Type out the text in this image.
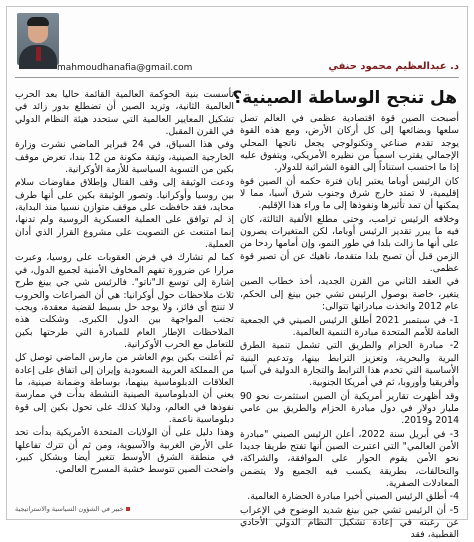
mahmoudhanafia@gmail.com	د. عبدالعظيم محمود حنفي
هل تنجح الوساطة الصينية؟

أصبحت الصين قوة اقتصادية عظمى في العالم تصل سلعها وبضائعها إلى كل أركان الأرض، ومع هذه القوة يوجد تقدم صناعي وتكنولوجي يجعل ناتجها المحلي الإجمالي يقترب اسمياً من نظيره الأمريكي، ويتفوق عليه إذا ما احتسب استناداً إلى القوة الشرائية للدولار.

كان الرئيس أوباما يعتبر إبان فترة حكمه أن الصين قوة إقليمية، لا تمتد خارج شرق وجنوب شرق آسيا، مما لا يمكنها أن تمد تأثيرها ونفوذها إلى ما وراء هذا الإقليم.

وخلافه الرئيس ترامب، وحتى مطلع الألفية الثالثة، كان فيه ما يبرر تقدير الرئيس أوباما، لكن المتغيرات يصرون على أنها ما زالت بلدا في طور النمو، وإن أمامها ردحا من الزمن قبل أن تصبح بلدا متقدما، ناهيك عن أن تصير قوة عظمى.

في العقد الثاني من القرن الجديد، أخذ خطاب الصين يتغير، خاصة بوصول الرئيس تشي جين بينغ إلى الحكم، عام 2012 واتخذت مبادراتها تتوالى:

1- في سبتمبر 2021 أطلق الرئيس الصيني في الجمعية العامة للأمم المتحدة مبادرة التنمية العالمية.

2- مبادرة الحزام والطريق التي تشمل تنمية الطرق البرية والبحرية، وتعزيز الترابط بينها، وتدعيم البنية الأساسية التي تخدم هذا الترابط والتجارة الدولية في آسيا وأفريقيا وأوروبا، ثم في أمريكا الجنوبية.

وقد أظهرت تقارير أمريكية أن الصين استثمرت نحو 90 مليار دولار في دول مبادرة الحزام والطريق بين عامي 2014 و2019.

3- في أبريل سنة 2022، أعلن الرئيس الصيني "مبادرة الأمن العالمي" التي اعتبرت الصين أنها تفتح طريقا جديدا نحو الأمن يقوم الحوار على الموافقة، والشراكة، والتحالفات، بطريقة يكسب فيه الجميع ولا يتضمن المعادلات الصفرية.

4- أطلق الرئيس الصيني أخيرا مبادرة الحضارة العالمية.

5- أن الرئيس تشي جين بينغ شديد الوضوح في الإعراب عن رغبته في إعادة تشكيل النظام الدولي الأحادي القطبية، فقد

تأسست بنية الحوكمة العالمية القائمة حاليا بعد الحرب العالمية الثانية، وتريد الصين أن تضطلع بدور زائد في تشكيل المعايير العالمية التي ستحدد هيئة النظام الدولي في القرن المقبل.

وفي هذا السياق، في 24 فبراير الماضي نشرت وزارة الخارجية الصينية، وثيقة مكونة من 12 بندا، تعرض موقف بكين من التسوية السياسية للأزمة الأوكرانية.

ودعت الوثيقة إلى وقف القتال وإطلاق مفاوضات سلام بين روسيا وأوكرانيا. وتصور الوثيقة بكين على أنها طرف محايد، فقد حافظت على موقف متوازن نسبيا منذ البداية، إذ لم توافق على العملية العسكرية الروسية ولم تدنها، إنما امتنعت عن التصويت على مشروع القرار الذي أدان العملية.

كما لم تشارك في فرض العقوبات على روسيا، وعبرت مرارا عن ضرورة تفهم المخاوف الأمنية لجميع الدول، في إشارة إلى توسع الـ"ناتو". فالرئيس شي جي بينغ طرح ثلاث ملاحظات حول أوكرانيا: هي أن الصراعات والحروب لا تنتج أي فائز، ولا يوجد حل بسيط لقضية معقدة، ويجب تجنب المواجهة بين الدول الكبرى. وشكلت هذه الملاحظات الإطار العام للمبادرة التي طرحتها بكين للتعامل مع الحرب الأوكرانية.

ثم أعلنت بكين يوم العاشر من مارس الماضي توصل كل من المملكة العربية السعودية وإيران إلى اتفاق على إعادة العلاقات الدبلوماسية بينهما، بوساطة وضمانة صينية، ما يعني أن الدبلوماسية الصينية النشطة بدأت في ممارسة نفوذها في العالم، ودليلا كذلك على تحول بكين إلى قوة دبلوماسية ناعمة.

وهذا دليل على أن الولايات المتحدة الأمريكية بدأت تحد على الأرض الغربية والآسيوية، ومن ثم أن تترك تفاعلها في منطقة الشرق الأوسط تتغير أيضا وبشكل كبير، واضحت الصين تتوسط خشبة المسرح العالمي.

خبير في الشؤون السياسية والاستراتيجية
